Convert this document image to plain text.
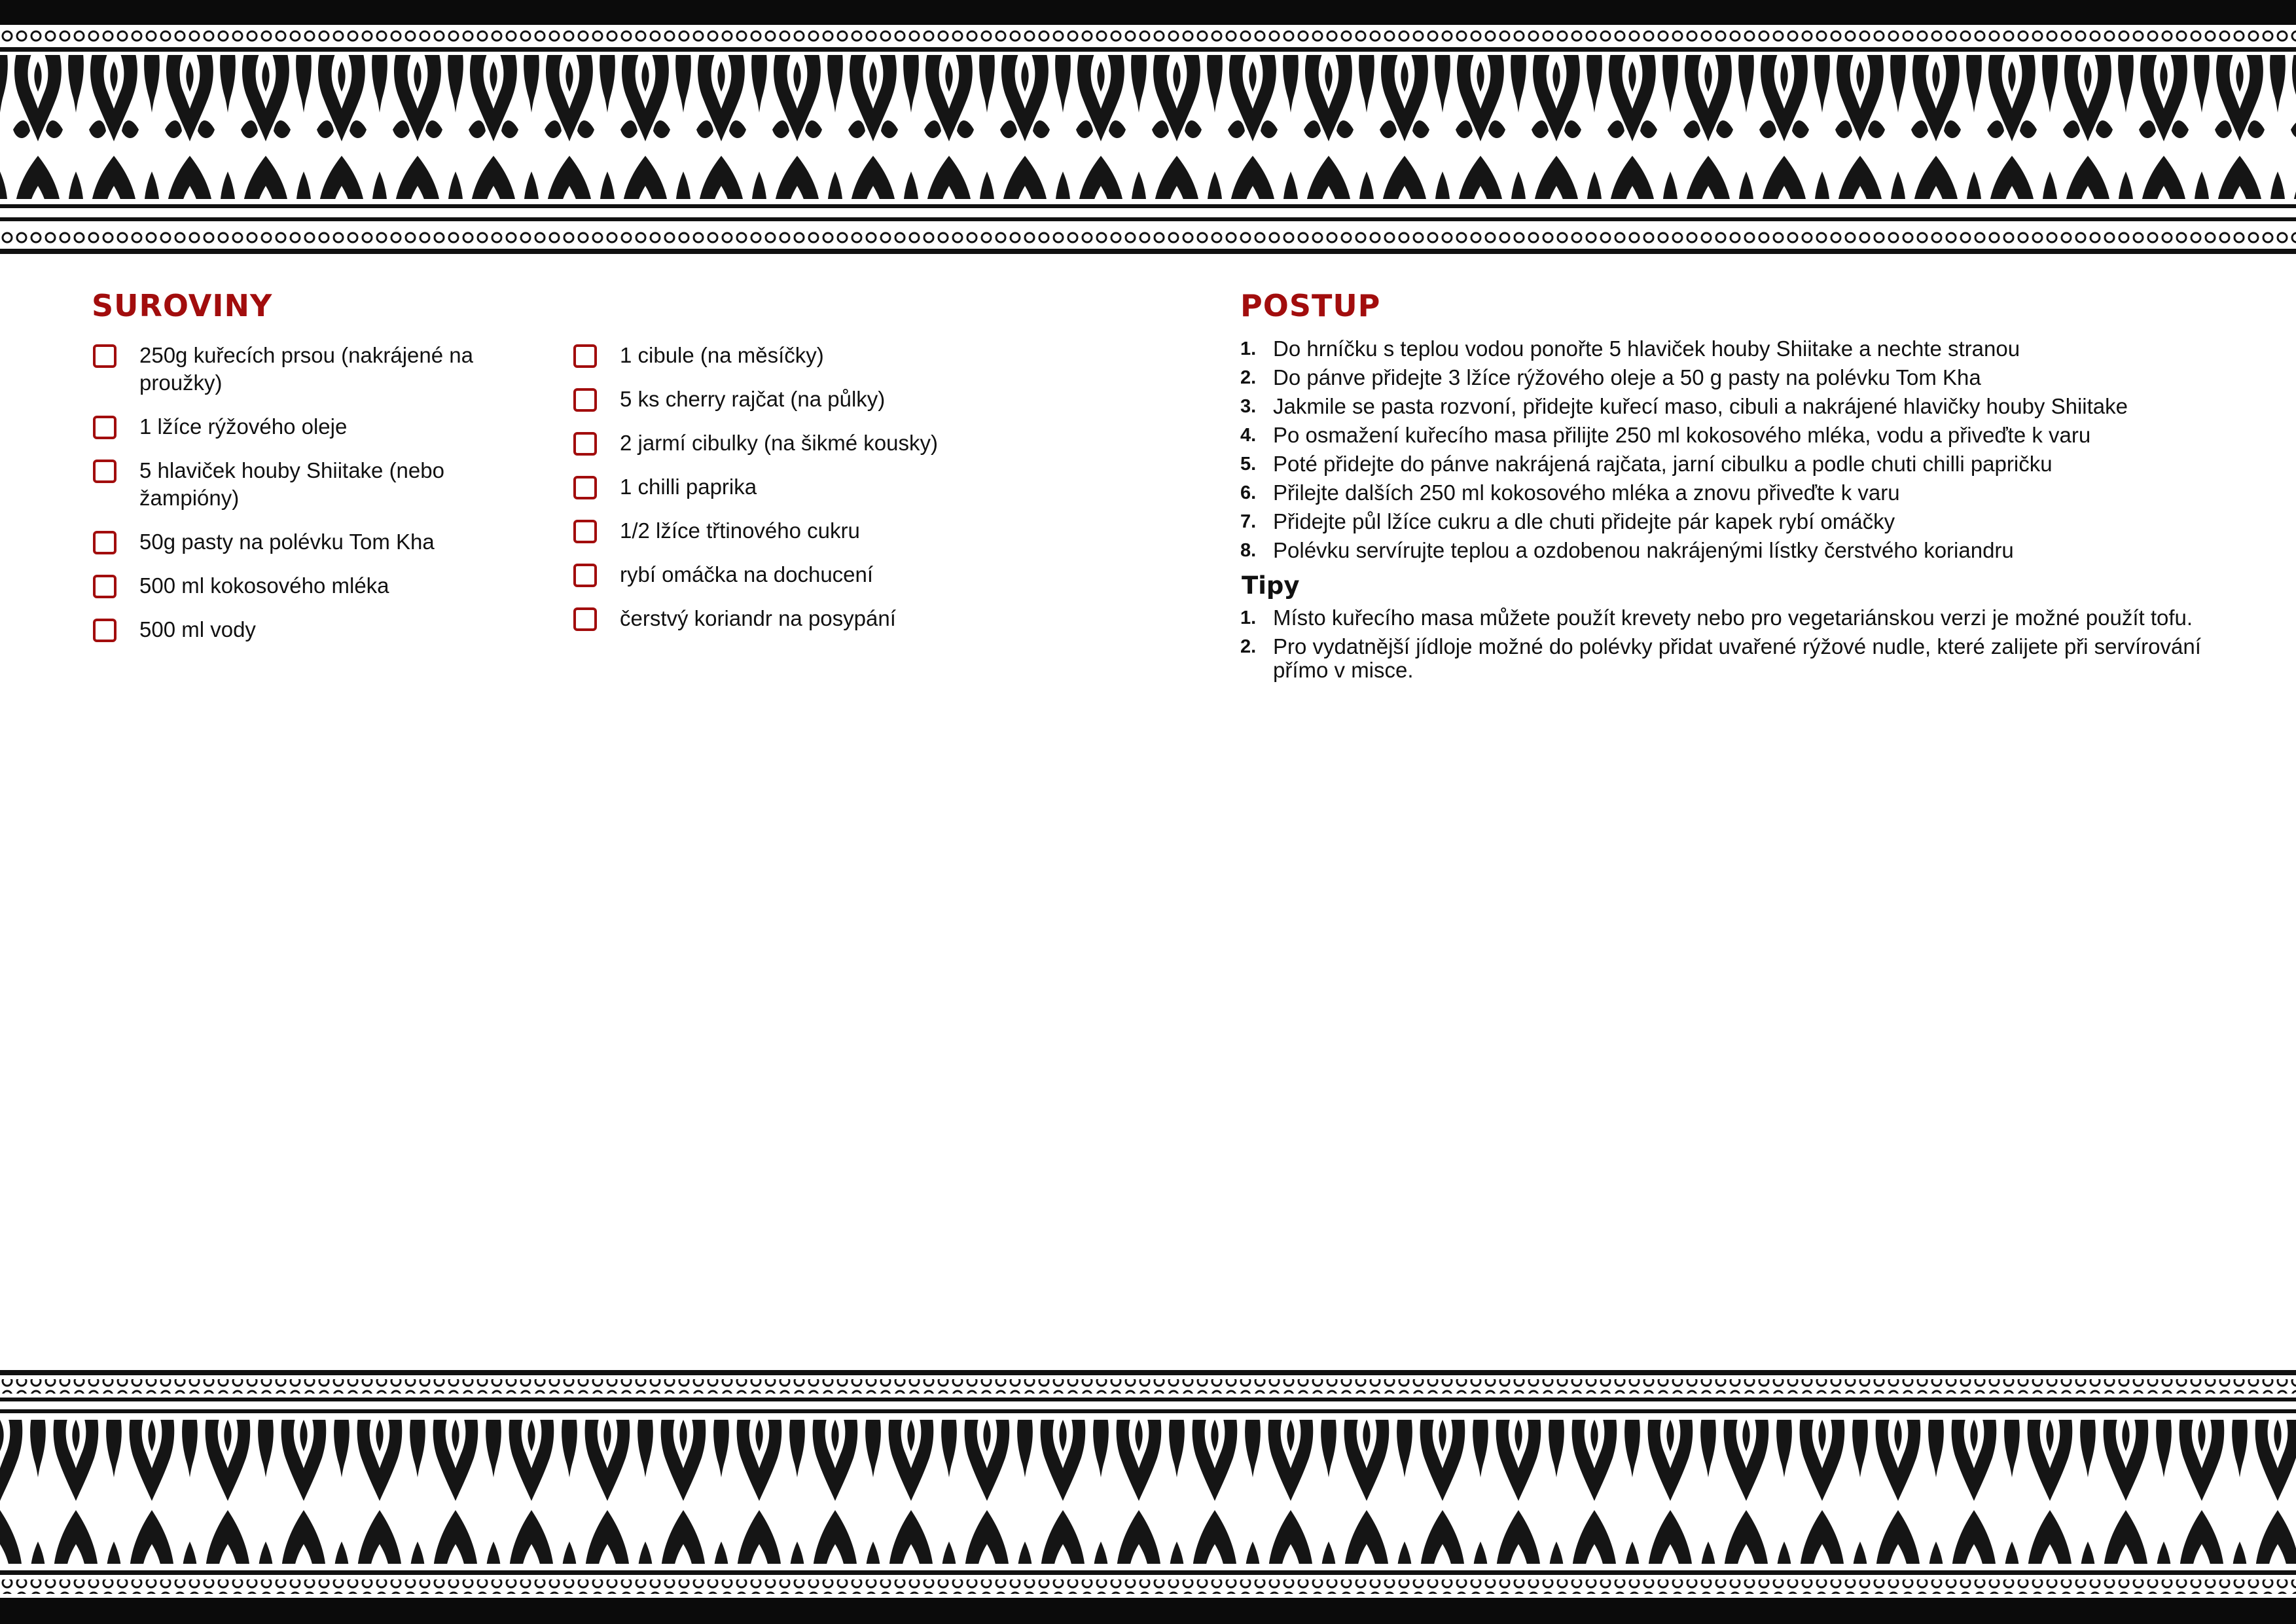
SUROVINY
250g kuřecích prsou (nakrájené na proužky)
1 lžíce rýžového oleje
5 hlaviček houby Shiitake (nebo žampióny)
50g pasty na polévku Tom Kha
500 ml kokosového mléka
500 ml vody
1 cibule (na měsíčky)
5 ks cherry rajčat (na půlky)
2 jarmí cibulky (na šikmé kousky)
1 chilli paprika
1/2 lžíce třtinového cukru
rybí omáčka na dochucení
čerstvý koriandr na posypání
POSTUP
1. Do hrníčku s teplou vodou ponořte 5 hlaviček houby Shiitake a nechte stranou
2. Do pánve přidejte 3 lžíce rýžového oleje a 50 g pasty na polévku Tom Kha
3. Jakmile se pasta rozvoní, přidejte kuřecí maso, cibuli a nakrájené hlavičky houby Shiitake
4. Po osmažení kuřecího masa přilijte 250 ml kokosového mléka, vodu a přiveďte k varu
5. Poté přidejte do pánve nakrájená rajčata, jarní cibulku a podle chuti chilli papričku
6. Přilejte dalších 250 ml kokosového mléka a znovu přiveďte k varu
7. Přidejte půl lžíce cukru a dle chuti přidejte pár kapek rybí omáčky
8. Polévku servírujte teplou a ozdobenou nakrájenými lístky čerstvého koriandru
Tipy
1. Místo kuřecího masa můžete použít krevety nebo pro vegetariánskou verzi je možné použít tofu.
2. Pro vydatnější jídloje možné do polévky přidat uvařené rýžové nudle, které zalijete při servírování přímo v misce.
